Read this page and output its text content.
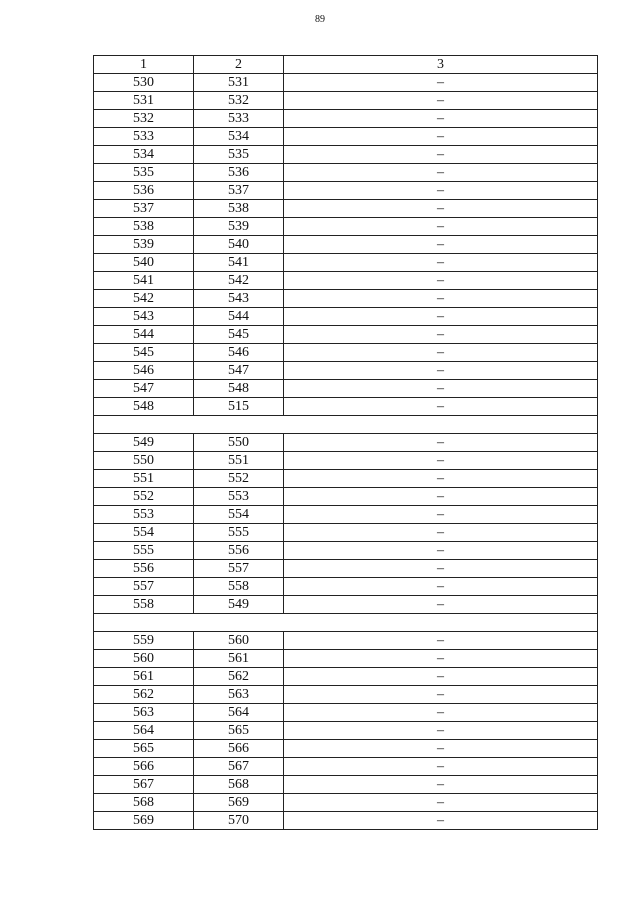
89
1	2	3
530	531	–
531	532	–
532	533	–
533	534	–
534	535	–
535	536	–
536	537	–
537	538	–
538	539	–
539	540	–
540	541	–
541	542	–
542	543	–
543	544	–
544	545	–
545	546	–
546	547	–
547	548	–
548	515	–
549	550	–
550	551	–
551	552	–
552	553	–
553	554	–
554	555	–
555	556	–
556	557	–
557	558	–
558	549	–
559	560	–
560	561	–
561	562	–
562	563	–
563	564	–
564	565	–
565	566	–
566	567	–
567	568	–
568	569	–
569	570	–
